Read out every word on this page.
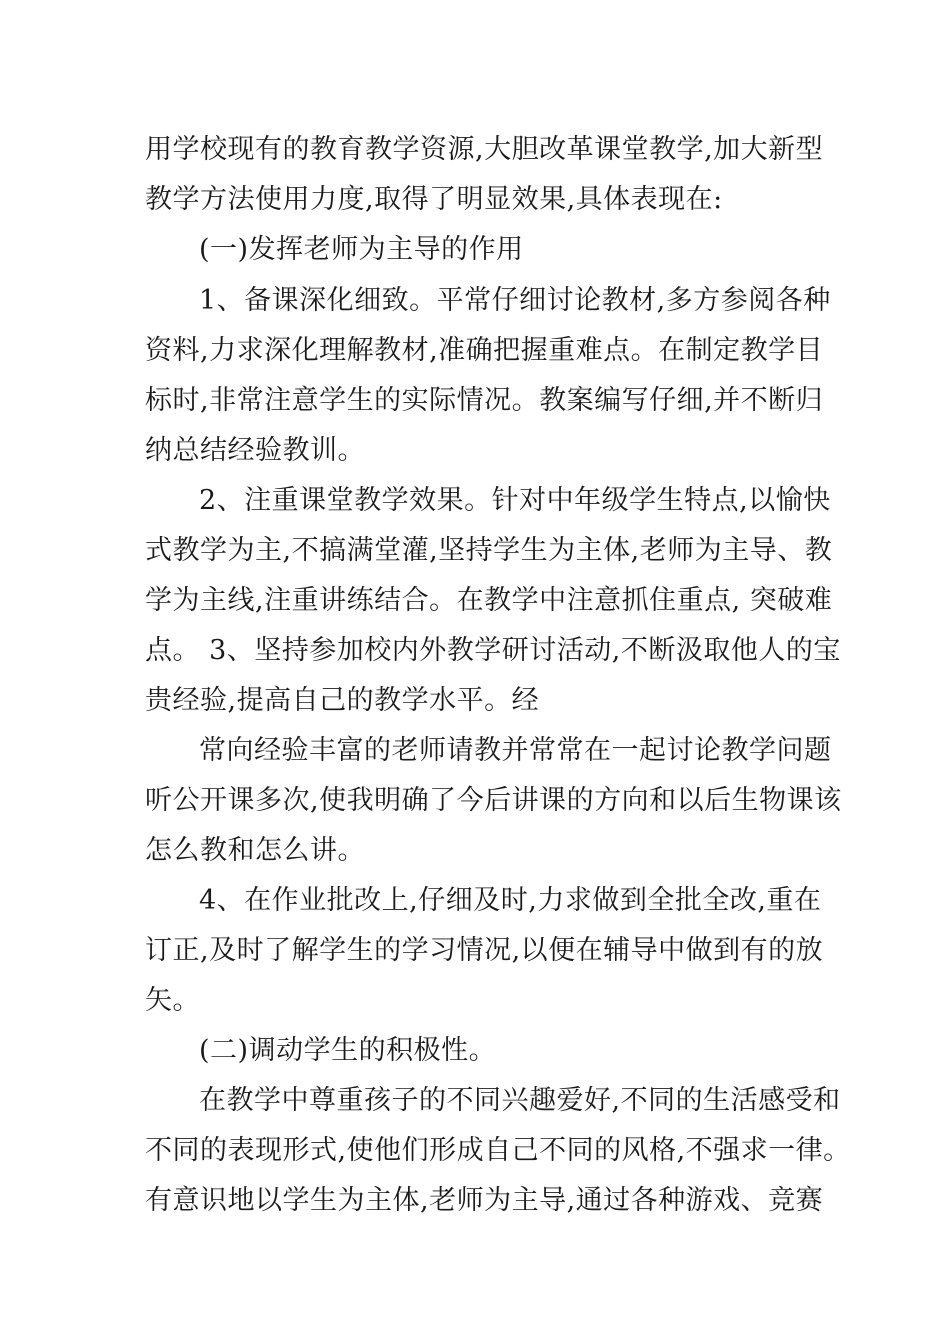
用学校现有的教育教学资源,大胆改革课堂教学,加大新型
教学方法使用力度,取得了明显效果,具体表现在:
(一)发挥老师为主导的作用
1、备课深化细致。平常仔细讨论教材,多方参阅各种
资料,力求深化理解教材,准确把握重难点。在制定教学目
标时,非常注意学生的实际情况。教案编写仔细,并不断归
纳总结经验教训。
2、注重课堂教学效果。针对中年级学生特点,以愉快
式教学为主,不搞满堂灌,坚持学生为主体,老师为主导、教
学为主线,注重讲练结合。在教学中注意抓住重点, 突破难
点。 3、坚持参加校内外教学研讨活动,不断汲取他人的宝
贵经验,提高自己的教学水平。经
常向经验丰富的老师请教并常常在一起讨论教学问题
听公开课多次,使我明确了今后讲课的方向和以后生物课该
怎么教和怎么讲。
4、在作业批改上,仔细及时,力求做到全批全改,重在
订正,及时了解学生的学习情况,以便在辅导中做到有的放
矢。
(二)调动学生的积极性。
在教学中尊重孩子的不同兴趣爱好,不同的生活感受和
不同的表现形式,使他们形成自己不同的风格,不强求一律。
有意识地以学生为主体,老师为主导,通过各种游戏、竞赛
